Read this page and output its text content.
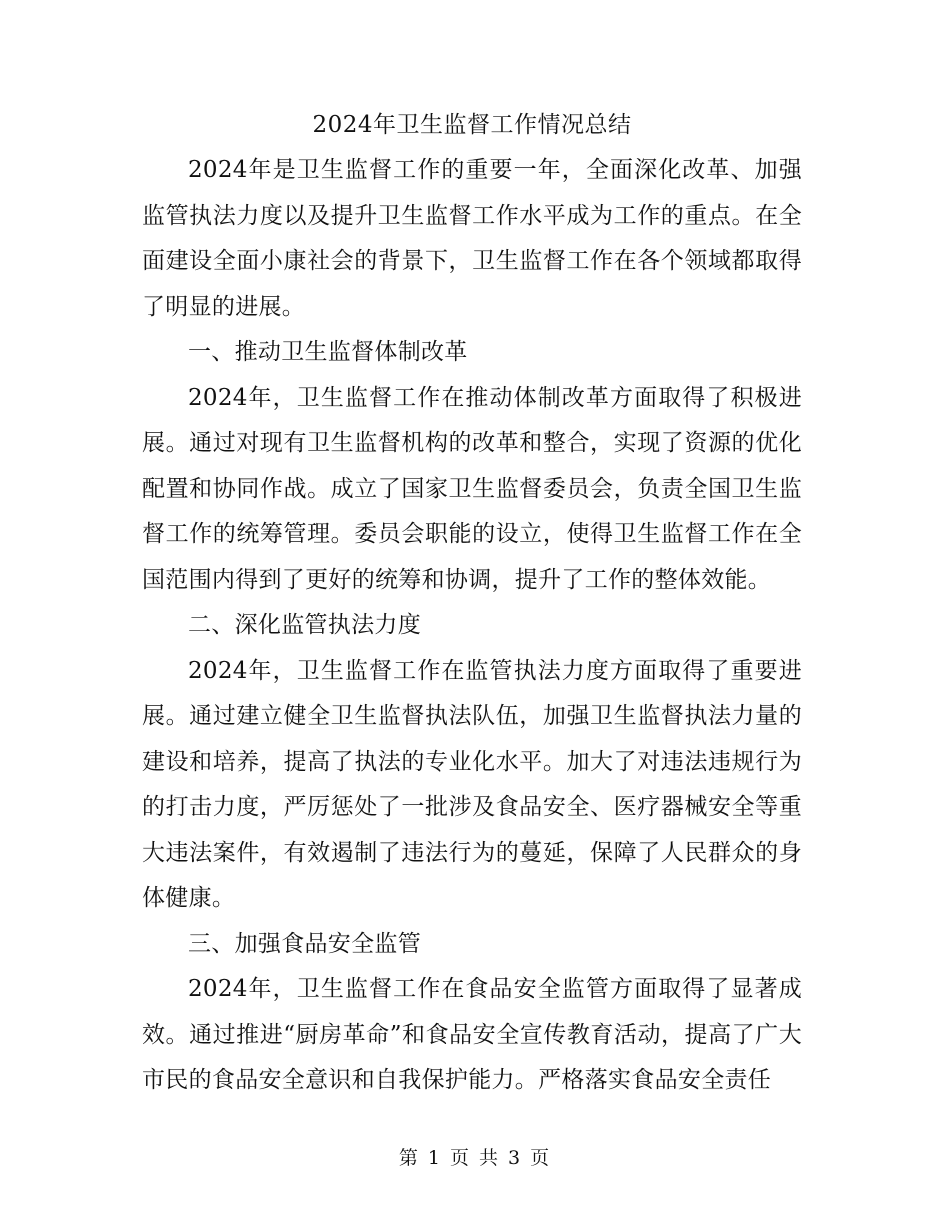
2024年卫生监督工作情况总结

2024年是卫生监督工作的重要一年，全面深化改革、加强监管执法力度以及提升卫生监督工作水平成为工作的重点。在全面建设全面小康社会的背景下，卫生监督工作在各个领域都取得了明显的进展。

一、推动卫生监督体制改革

2024年，卫生监督工作在推动体制改革方面取得了积极进展。通过对现有卫生监督机构的改革和整合，实现了资源的优化配置和协同作战。成立了国家卫生监督委员会，负责全国卫生监督工作的统筹管理。委员会职能的设立，使得卫生监督工作在全国范围内得到了更好的统筹和协调，提升了工作的整体效能。

二、深化监管执法力度

2024年，卫生监督工作在监管执法力度方面取得了重要进展。通过建立健全卫生监督执法队伍，加强卫生监督执法力量的建设和培养，提高了执法的专业化水平。加大了对违法违规行为的打击力度，严厉惩处了一批涉及食品安全、医疗器械安全等重大违法案件，有效遏制了违法行为的蔓延，保障了人民群众的身体健康。

三、加强食品安全监管

2024年，卫生监督工作在食品安全监管方面取得了显著成效。通过推进“厨房革命”和食品安全宣传教育活动，提高了广大市民的食品安全意识和自我保护能力。严格落实食品安全责任

第 1 页 共 3 页
